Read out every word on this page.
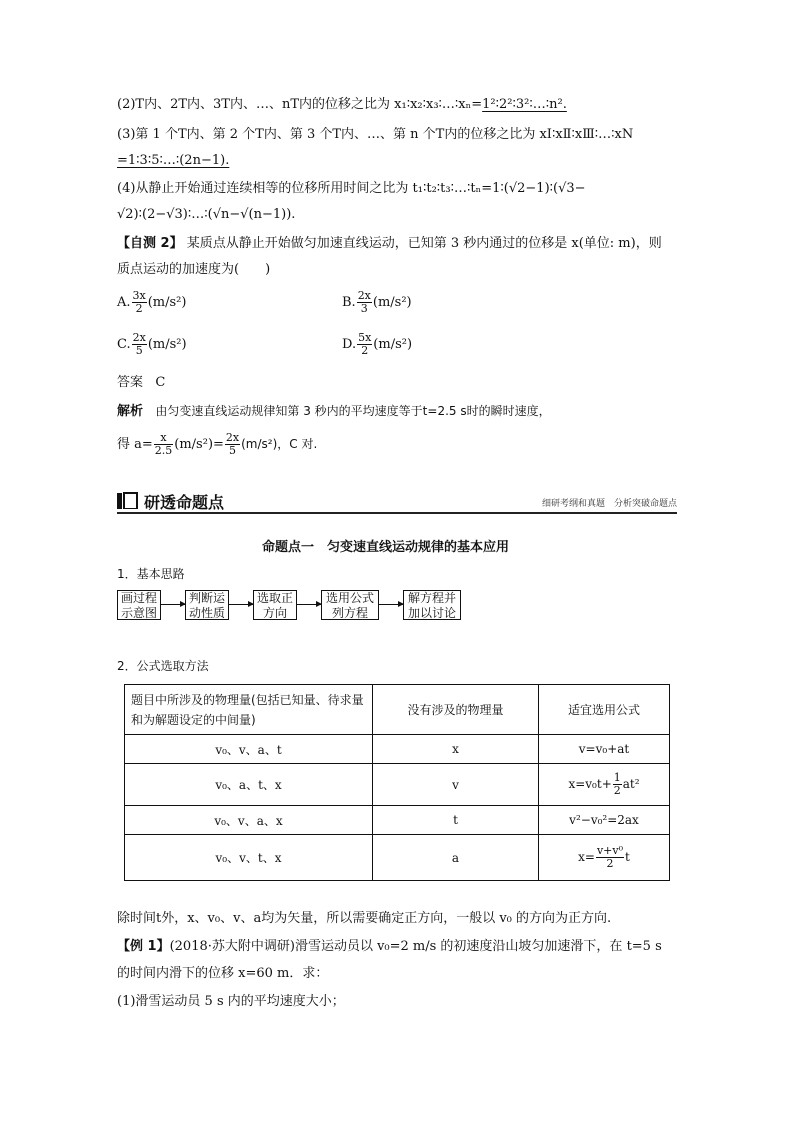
(2)T内、2T内、3T内、…、nT内的位移之比为 x₁∶x₂∶x₃∶…∶xₙ=1²∶2²∶3²∶…∶n².
(3)第 1 个T内、第 2 个T内、第 3 个T内、…、第 n 个T内的位移之比为 xⅠ∶xⅡ∶xⅢ∶…∶xN
=1∶3∶5∶…∶(2n−1).
(4)从静止开始通过连续相等的位移所用时间之比为 t₁∶t₂∶t₃∶…∶tₙ=1∶(√2−1)∶(√3−
√2)∶(2−√3)∶…∶(√n−√(n−1)).
【自测 2】 某质点从静止开始做匀加速直线运动，已知第 3 秒内通过的位移是 x(单位: m)，则
质点运动的加速度为(　　)
A. $\frac{3x}{2} (m/s^2)$	B. $\frac{2x}{3} (m/s^2)$
C. $\frac{2x}{5} (m/s^2)$	D. $\frac{5x}{2} (m/s^2)$
答案 C
解析 由匀变速直线运动规律知第 3 秒内的平均速度等于t=2.5 s时的瞬时速度，
得 $a= \frac{x}{2.5} (m/s^2)= \frac{2x}{5} (m/s^2)$，C 对.
研透命题点	细研考纲和真题　分析突破命题点
命题点一　匀变速直线运动规律的基本应用
1．基本思路
画过程示意图
判断运动性质
选取正方向
选用公式列方程
解方程并加以讨论
2．公式选取方法
题目中所涉及的物理量(包括已知量、待求量和为解题设定的中间量)	没有涉及的物理量	适宜选用公式
v₀、v、a、t	x	v=v₀+at
v₀、a、t、x	v	$x=v_0t+ \frac{1}{2} at^2$
v₀、v、a、x	t	v²−v₀²=2ax
v₀、v、t、x	a	$x= \frac{\text{v+v⁰}}{2}$ t
除时间t外，x、v₀、v、a均为矢量，所以需要确定正方向，一般以 v₀ 的方向为正方向.
【例 1】(2018·苏大附中调研)滑雪运动员以 v₀=2 m/s 的初速度沿山坡匀加速滑下，在 t=5 s
的时间内滑下的位移 x=60 m．求：
(1)滑雪运动员 5 s 内的平均速度大小；
